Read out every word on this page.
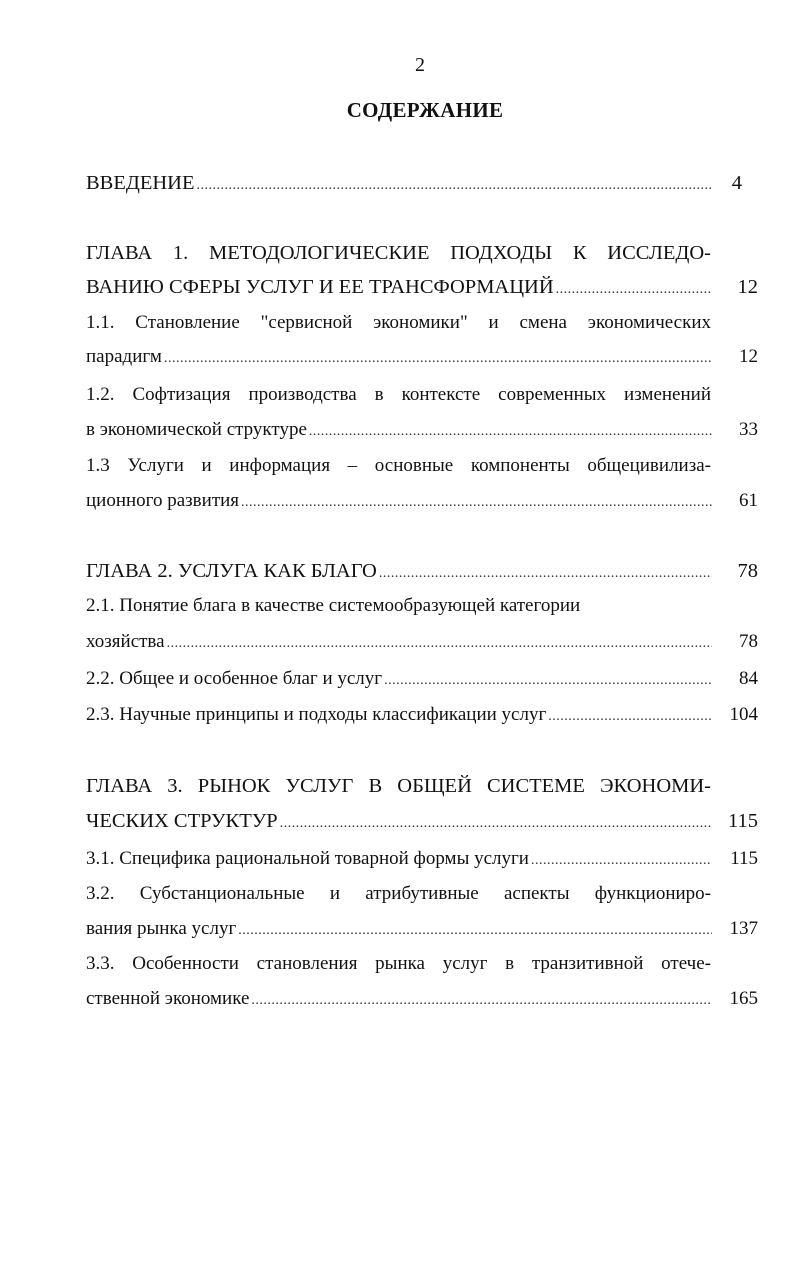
2
СОДЕРЖАНИЕ
ВВЕДЕНИЕ .....	4
ГЛАВА 1. МЕТОДОЛОГИЧЕСКИЕ ПОДХОДЫ К ИССЛЕДО-
ВАНИЮ СФЕРЫ УСЛУГ И ЕЕ ТРАНСФОРМАЦИЙ .....	12
1.1. Становление "сервисной экономики" и смена экономических
парадигм .....	12
1.2. Софтизация производства в контексте современных изменений
в экономической структуре .....	33
1.3 Услуги и информация – основные компоненты общецивилиза-
ционного развития .....	61
ГЛАВА 2. УСЛУГА КАК БЛАГО .....	78
2.1. Понятие блага в качестве системообразующей категории
хозяйства .....	78
2.2. Общее и особенное благ и услуг .....	84
2.3. Научные принципы и подходы классификации услуг .....	104
ГЛАВА 3. РЫНОК УСЛУГ В ОБЩЕЙ СИСТЕМЕ ЭКОНОМИ-
ЧЕСКИХ СТРУКТУР .....	115
3.1. Специфика рациональной товарной формы услуги .....	115
3.2. Субстанциональные и атрибутивные аспекты функциониро-
вания рынка услуг .....	137
3.3. Особенности становления рынка услуг в транзитивной отече-
ственной экономике .....	165
